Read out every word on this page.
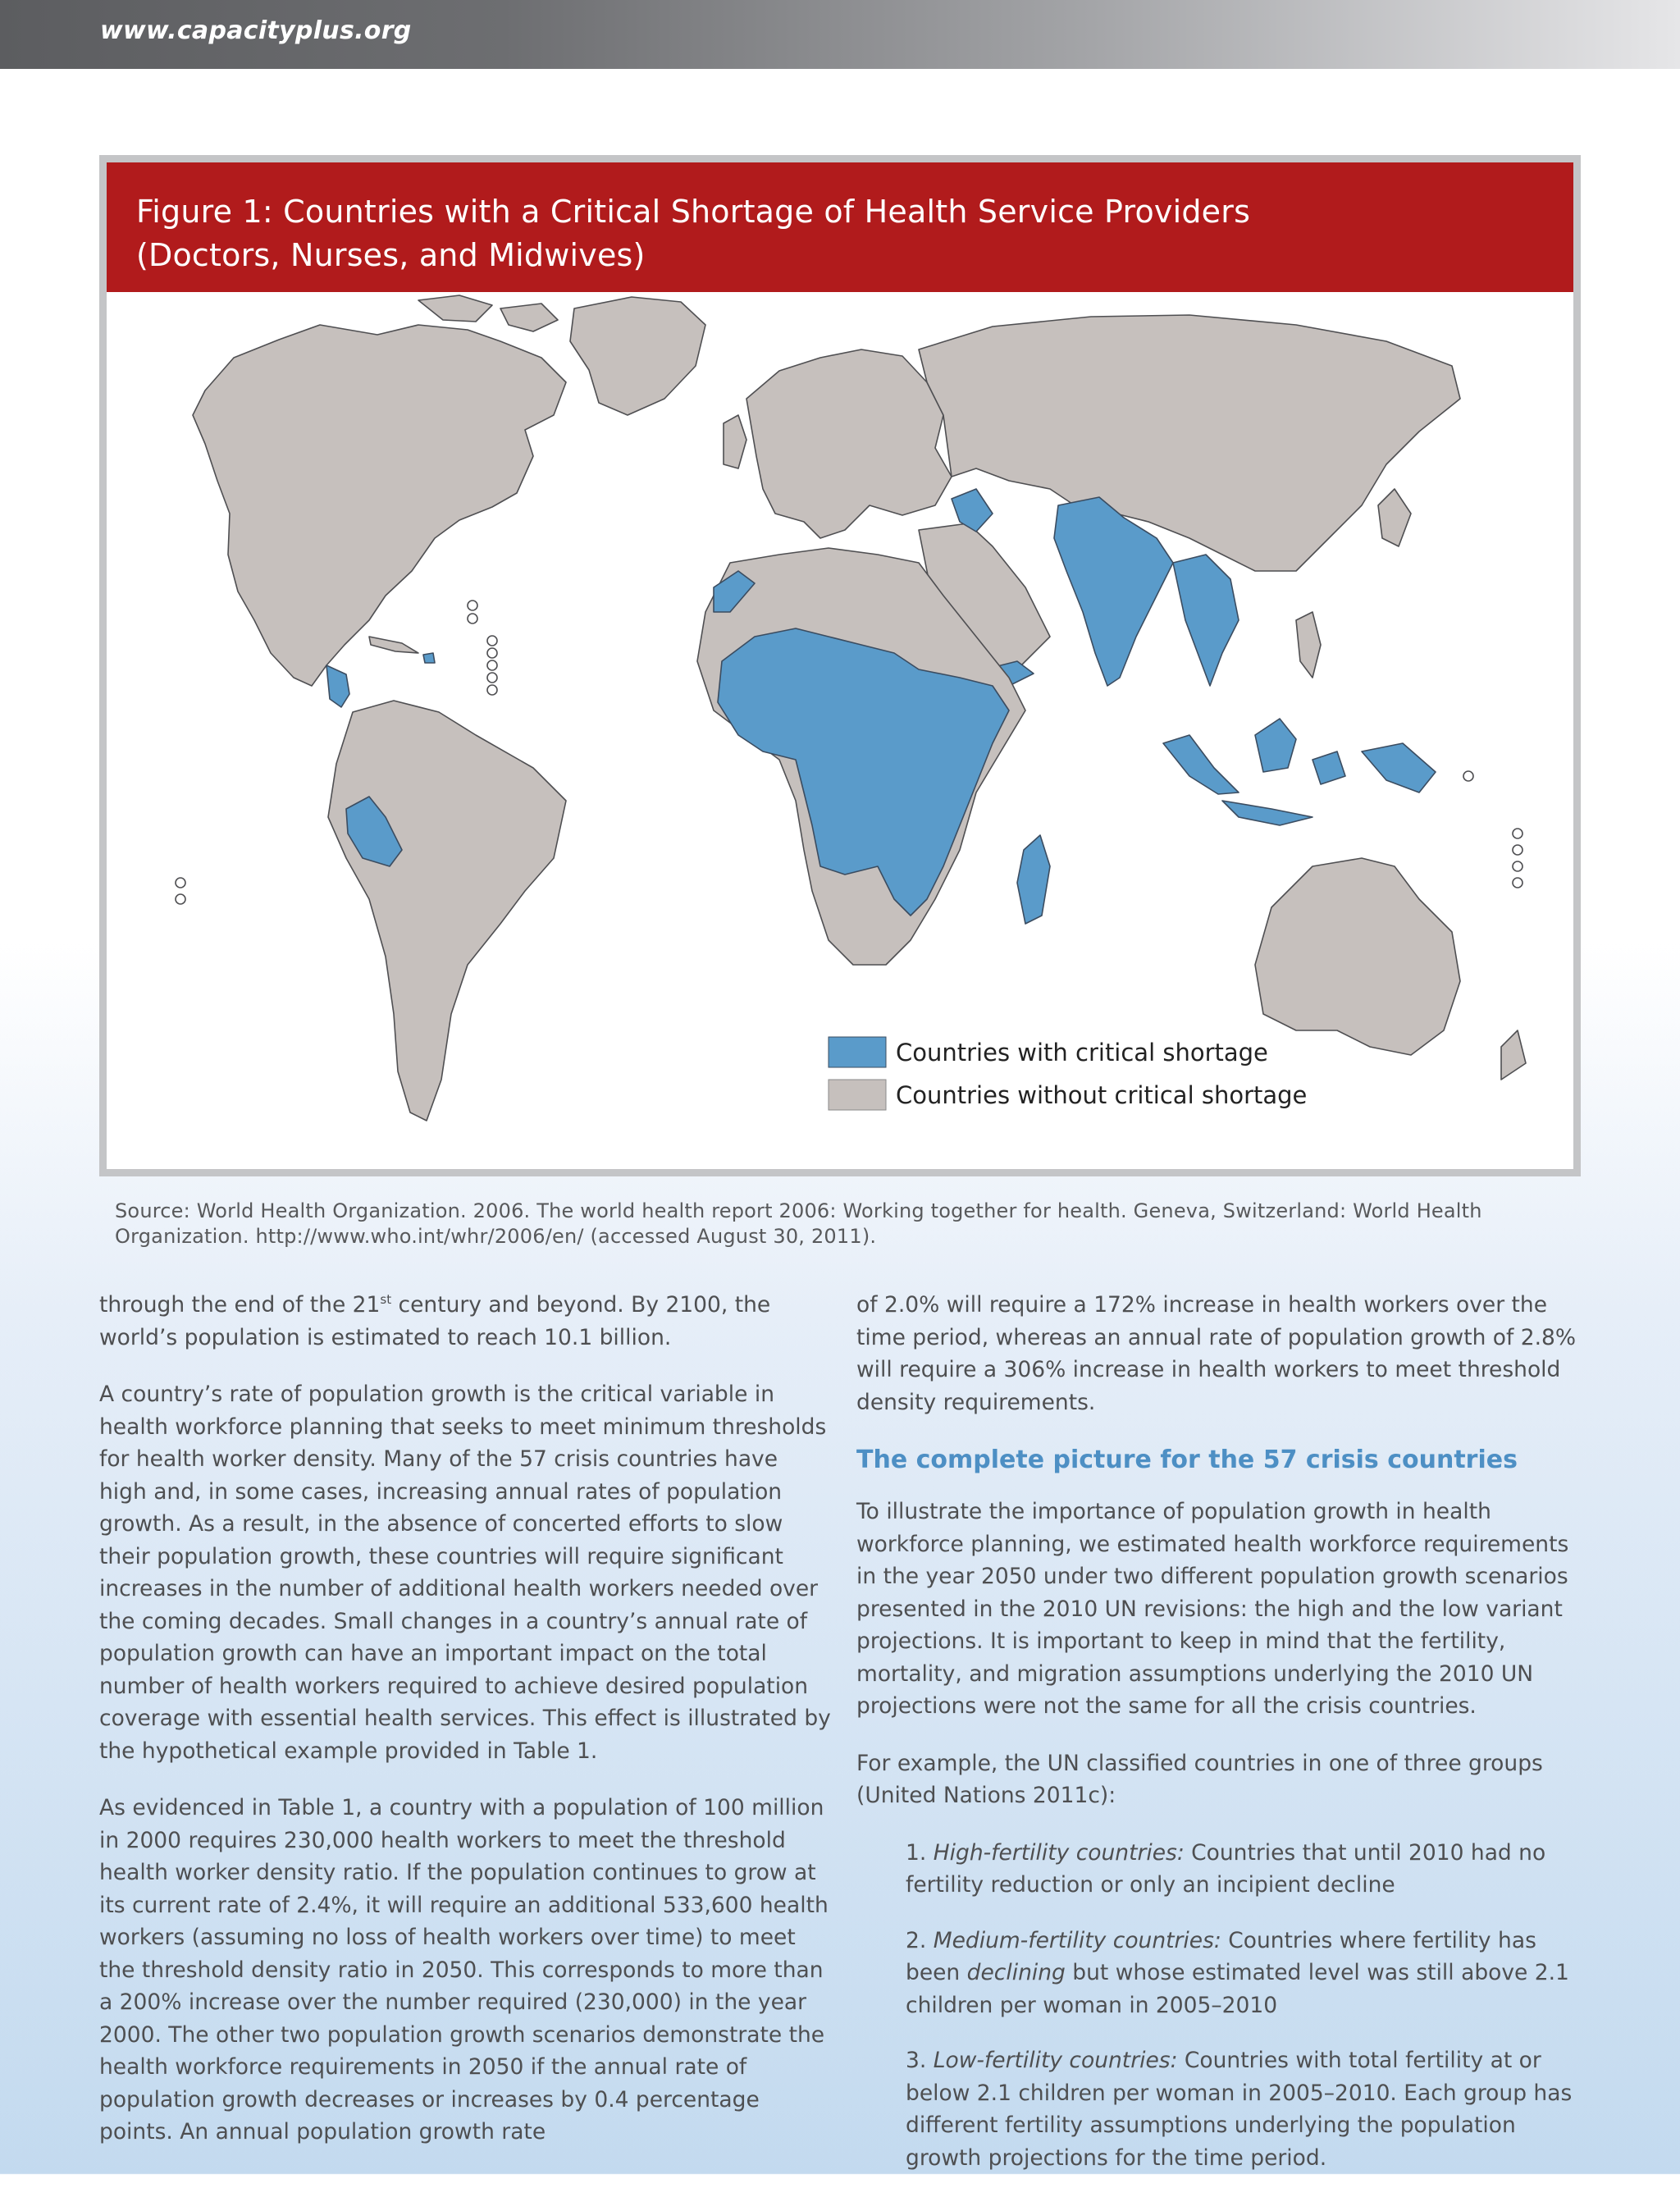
www.capacityplus.org
Figure 1: Countries with a Critical Shortage of Health Service Providers
(Doctors, Nurses, and Midwives)
Countries with critical shortage
Countries without critical shortage
Source: World Health Organization. 2006. The world health report 2006: Working together for health. Geneva, Switzerland: World Health Organization. http://www.who.int/whr/2006/en/ (accessed August 30, 2011).

through the end of the 21st century and beyond. By 2100, the world’s population is estimated to reach 10.1 billion.

A country’s rate of population growth is the critical variable in health workforce planning that seeks to meet minimum thresholds for health worker density. Many of the 57 crisis countries have high and, in some cases, increasing annual rates of population growth. As a result, in the absence of concerted efforts to slow their population growth, these countries will require significant increases in the number of additional health workers needed over the coming decades. Small changes in a country’s annual rate of population growth can have an important impact on the total number of health workers required to achieve desired population coverage with essential health services. This effect is illustrated by the hypothetical example provided in Table 1.

As evidenced in Table 1, a country with a population of 100 million in 2000 requires 230,000 health workers to meet the threshold health worker density ratio. If the population continues to grow at its current rate of 2.4%, it will require an additional 533,600 health workers (assuming no loss of health workers over time) to meet the threshold density ratio in 2050. This corresponds to more than a 200% increase over the number required (230,000) in the year 2000. The other two population growth scenarios demonstrate the health workforce requirements in 2050 if the annual rate of population growth decreases or increases by 0.4 percentage points. An annual population growth rate

of 2.0% will require a 172% increase in health workers over the time period, whereas an annual rate of population growth of 2.8% will require a 306% increase in health workers to meet threshold density requirements.

The complete picture for the 57 crisis countries

To illustrate the importance of population growth in health workforce planning, we estimated health workforce requirements in the year 2050 under two different population growth scenarios presented in the 2010 UN revisions: the high and the low variant projections. It is important to keep in mind that the fertility, mortality, and migration assumptions underlying the 2010 UN projections were not the same for all the crisis countries.

For example, the UN classified countries in one of three groups (United Nations 2011c):

1. High-fertility countries: Countries that until 2010 had no fertility reduction or only an incipient decline

2. Medium-fertility countries: Countries where fertility has been declining but whose estimated level was still above 2.1 children per woman in 2005–2010

3. Low-fertility countries: Countries with total fertility at or below 2.1 children per woman in 2005–2010. Each group has different fertility assumptions underlying the population growth projections for the time period.
